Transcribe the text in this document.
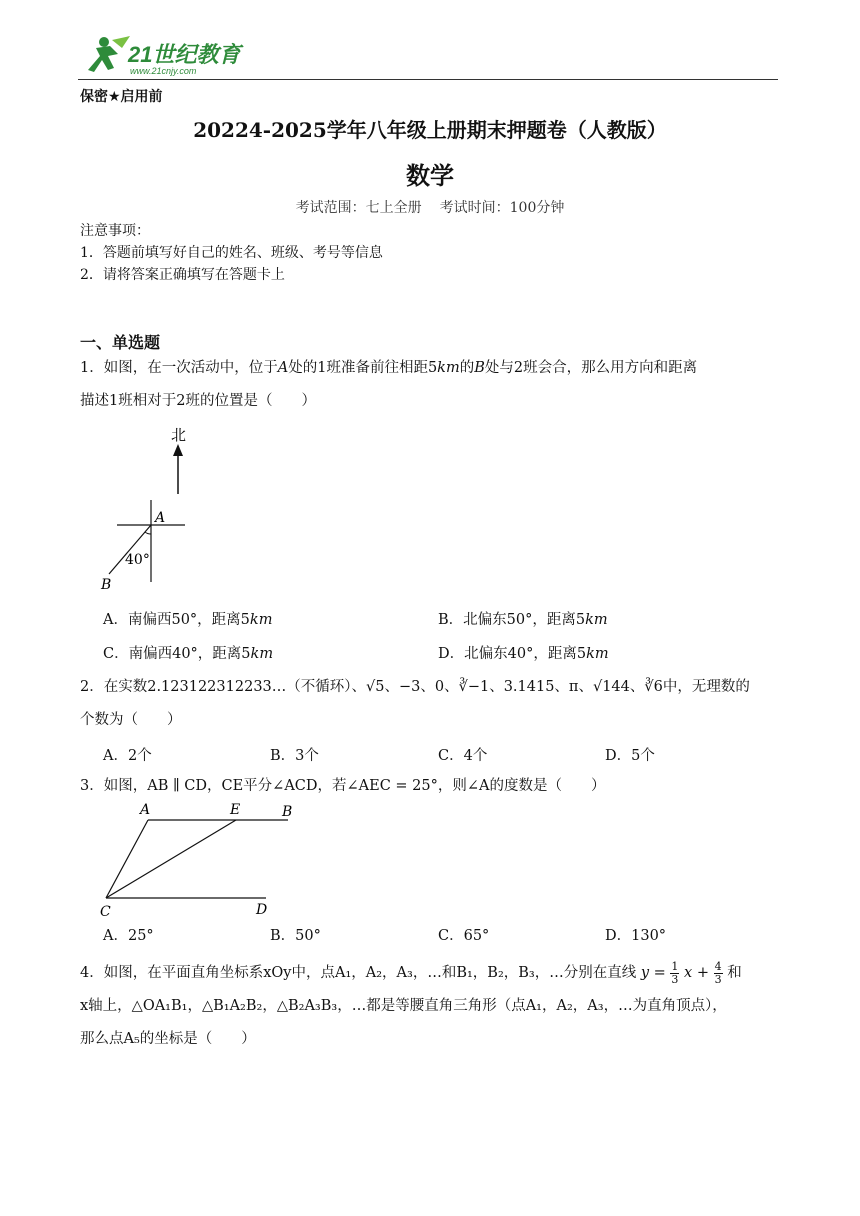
21世纪教育
www.21cnjy.com
保密★启用前
20224-2025学年八年级上册期末押题卷（人教版）
数学
考试范围：七上全册 考试时间：100分钟
注意事项：
1．答题前填写好自己的姓名、班级、考号等信息
2．请将答案正确填写在答题卡上
一、单选题
1．如图，在一次活动中，位于A处的1班准备前往相距5km的B处与2班会合，那么用方向和距离
描述1班相对于2班的位置是（　　）
北
A
B
40°
A．南偏西50°，距离5km	B．北偏东50°，距离5km
C．南偏西40°，距离5km	D．北偏东40°，距离5km
2．在实数2.123122312233…（不循环）、√5、−3、0、∛−1、3.1415、π、√144、∛6中，无理数的
个数为（　　）
A．2个	B．3个	C．4个	D．5个
3．如图，AB ∥ CD，CE平分∠ACD，若∠AEC = 25°，则∠A的度数是（　　）
A	E	B
C	D
A．25°	B．50°	C．65°	D．130°
4．如图，在平面直角坐标系xOy中，点A₁，A₂，A₃，…和B₁，B₂，B₃，…分别在直线 $y = \frac{1}{3}$ $x + \frac{4}{3}$ 和
x轴上，△OA₁B₁，△B₁A₂B₂，△B₂A₃B₃，…都是等腰直角三角形（点A₁，A₂，A₃，…为直角顶点），
那么点A₅的坐标是（　　）
